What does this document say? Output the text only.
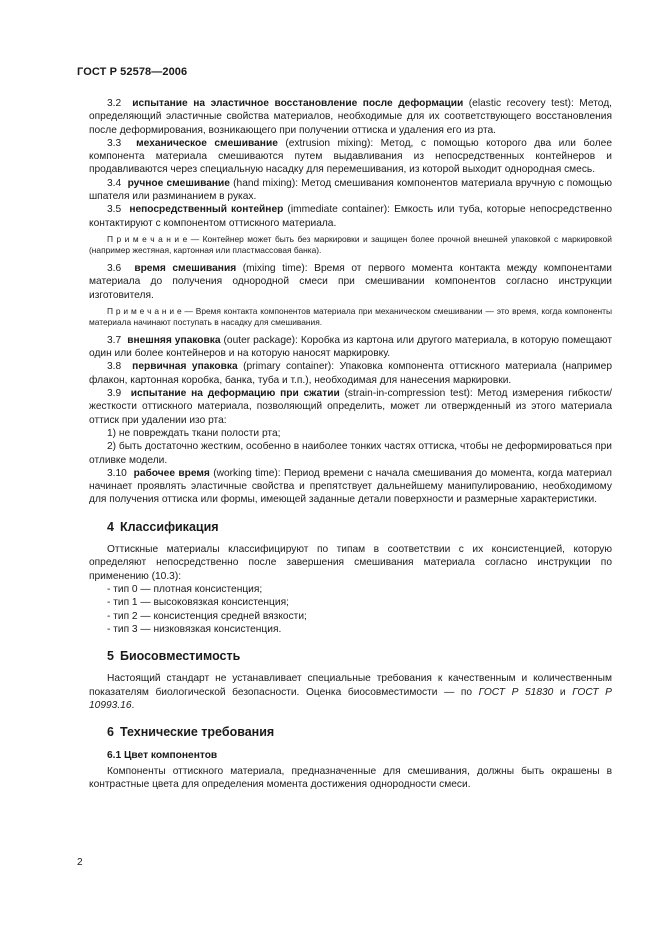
ГОСТ Р 52578—2006

3.2 испытание на эластичное восстановление после деформации (elastic recovery test): Метод, определяющий эластичные свойства материалов, необходимые для их соответствующего восстановления после деформирования, возникающего при получении оттиска и удаления его из рта.

3.3 механическое смешивание (extrusion mixing): Метод, с помощью которого два или более компонента материала смешиваются путем выдавливания из непосредственных контейнеров и продавливаются через специальную насадку для перемешивания, из которой выходит однородная смесь.

3.4 ручное смешивание (hand mixing): Метод смешивания компонентов материала вручную с помощью шпателя или разминанием в руках.

3.5 непосредственный контейнер (immediate container): Емкость или туба, которые непосредственно контактируют с компонентом оттискного материала.

П р и м е ч а н и е — Контейнер может быть без маркировки и защищен более прочной внешней упаковкой с маркировкой (например жестяная, картонная или пластмассовая банка).

3.6 время смешивания (mixing time): Время от первого момента контакта между компонентами материала до получения однородной смеси при смешивании компонентов согласно инструкции изготовителя.

П р и м е ч а н и е — Время контакта компонентов материала при механическом смешивании — это время, когда компоненты материала начинают поступать в насадку для смешивания.

3.7 внешняя упаковка (outer package): Коробка из картона или другого материала, в которую помещают один или более контейнеров и на которую наносят маркировку.

3.8 первичная упаковка (primary container): Упаковка компонента оттискного материала (например флакон, картонная коробка, банка, туба и т.п.), необходимая для нанесения маркировки.

3.9 испытание на деформацию при сжатии (strain-in-compression test): Метод измерения гибкости/жесткости оттискного материала, позволяющий определить, может ли отвержденный из этого материала оттиск при удалении изо рта:

1) не повреждать ткани полости рта;

2) быть достаточно жестким, особенно в наиболее тонких частях оттиска, чтобы не деформироваться при отливке модели.

3.10 рабочее время (working time): Период времени с начала смешивания до момента, когда материал начинает проявлять эластичные свойства и препятствует дальнейшему манипулированию, необходимому для получения оттиска или формы, имеющей заданные детали поверхности и размерные характеристики.

4 Классификация

Оттискные материалы классифицируют по типам в соответствии с их консистенцией, которую определяют непосредственно после завершения смешивания материала согласно инструкции по применению (10.3):

- тип 0 — плотная консистенция;

- тип 1 — высоковязкая консистенция;

- тип 2 — консистенция средней вязкости;

- тип 3 — низковязкая консистенция.

5 Биосовместимость

Настоящий стандарт не устанавливает специальные требования к качественным и количественным показателям биологической безопасности. Оценка биосовместимости — по ГОСТ Р 51830 и ГОСТ Р 10993.16.

6 Технические требования
6.1 Цвет компонентов

Компоненты оттискного материала, предназначенные для смешивания, должны быть окрашены в контрастные цвета для определения момента достижения однородности смеси.

2
